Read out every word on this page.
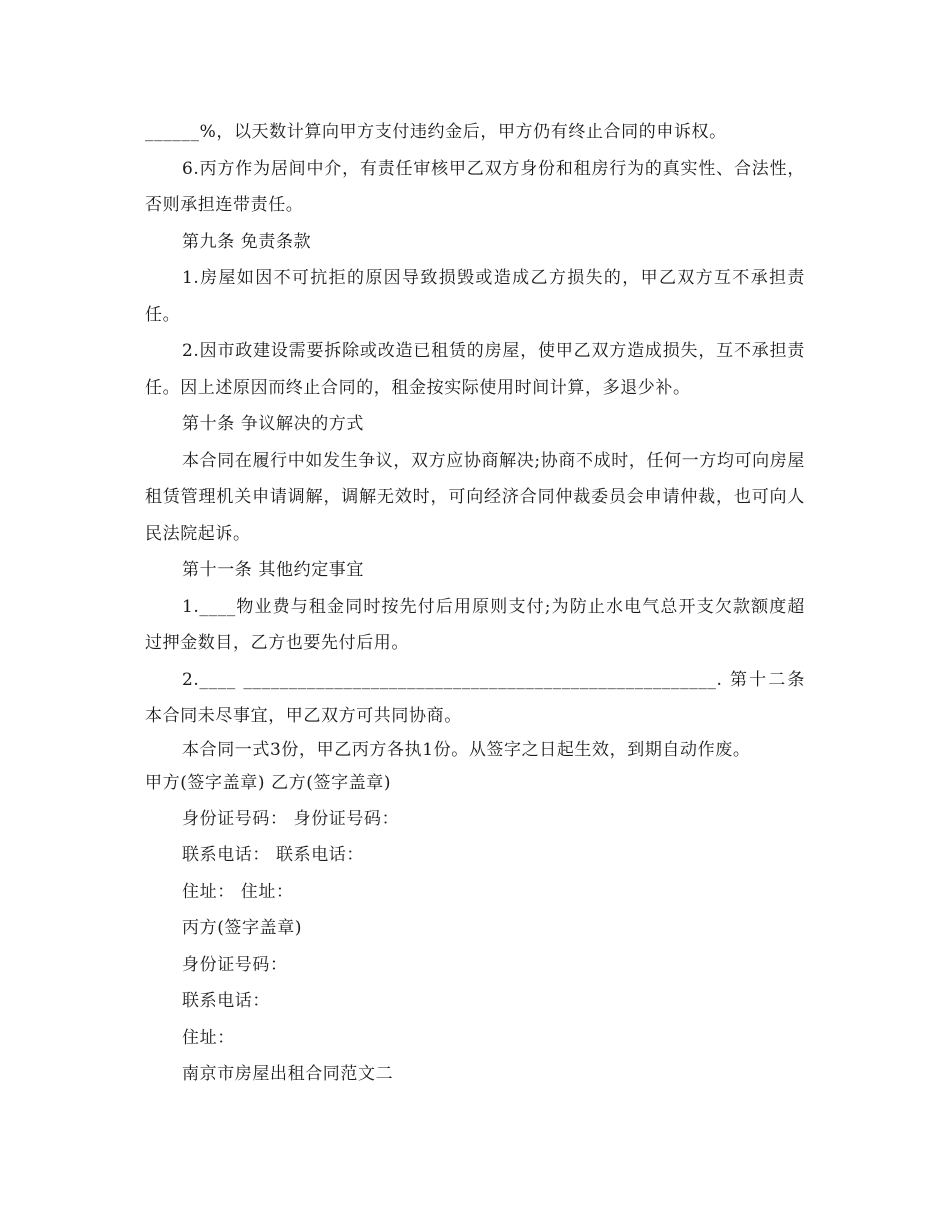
______%，以天数计算向甲方支付违约金后，甲方仍有终止合同的申诉权。

6.丙方作为居间中介，有责任审核甲乙双方身份和租房行为的真实性、合法性，否则承担连带责任。

第九条 免责条款

1.房屋如因不可抗拒的原因导致损毁或造成乙方损失的，甲乙双方互不承担责任。

2.因市政建设需要拆除或改造已租赁的房屋，使甲乙双方造成损失，互不承担责任。因上述原因而终止合同的，租金按实际使用时间计算，多退少补。

第十条 争议解决的方式

本合同在履行中如发生争议，双方应协商解决;协商不成时，任何一方均可向房屋租赁管理机关申请调解，调解无效时，可向经济合同仲裁委员会申请仲裁，也可向人民法院起诉。

第十一条 其他约定事宜

1.____物业费与租金同时按先付后用原则支付;为防止水电气总开支欠款额度超过押金数目，乙方也要先付后用。

2.____ ____________________________________________________. 第十二条 本合同未尽事宜，甲乙双方可共同协商。

本合同一式3份，甲乙丙方各执1份。从签字之日起生效，到期自动作废。

甲方(签字盖章) 乙方(签字盖章)

身份证号码： 身份证号码：

联系电话： 联系电话：

住址： 住址：

丙方(签字盖章)

身份证号码：

联系电话：

住址：

南京市房屋出租合同范文二
